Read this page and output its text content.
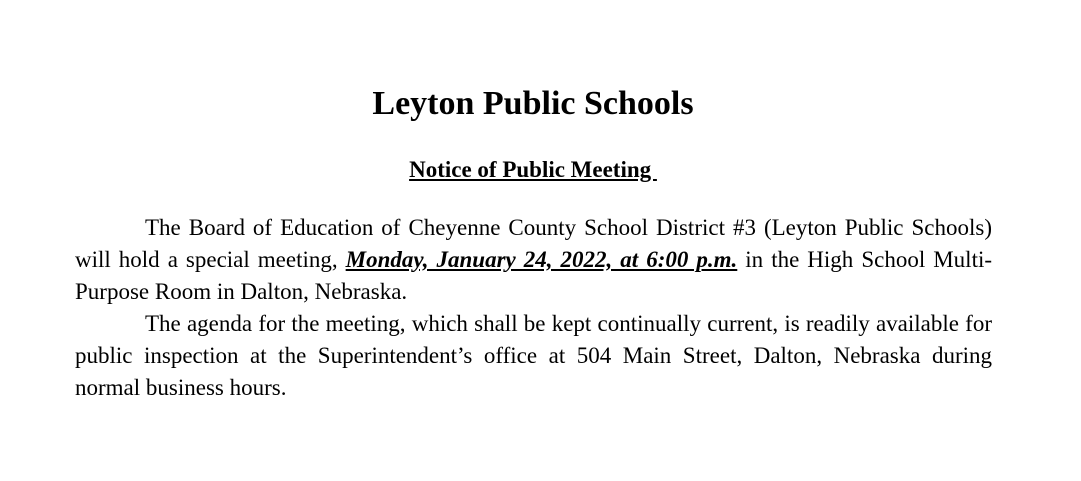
Leyton Public Schools
Notice of Public Meeting

The Board of Education of Cheyenne County School District #3 (Leyton Public Schools) will hold a special meeting, Monday, January 24, 2022, at 6:00 p.m. in the High School Multi-Purpose Room in Dalton, Nebraska.

The agenda for the meeting, which shall be kept continually current, is readily available for public inspection at the Superintendent’s office at 504 Main Street, Dalton, Nebraska during normal business hours.
